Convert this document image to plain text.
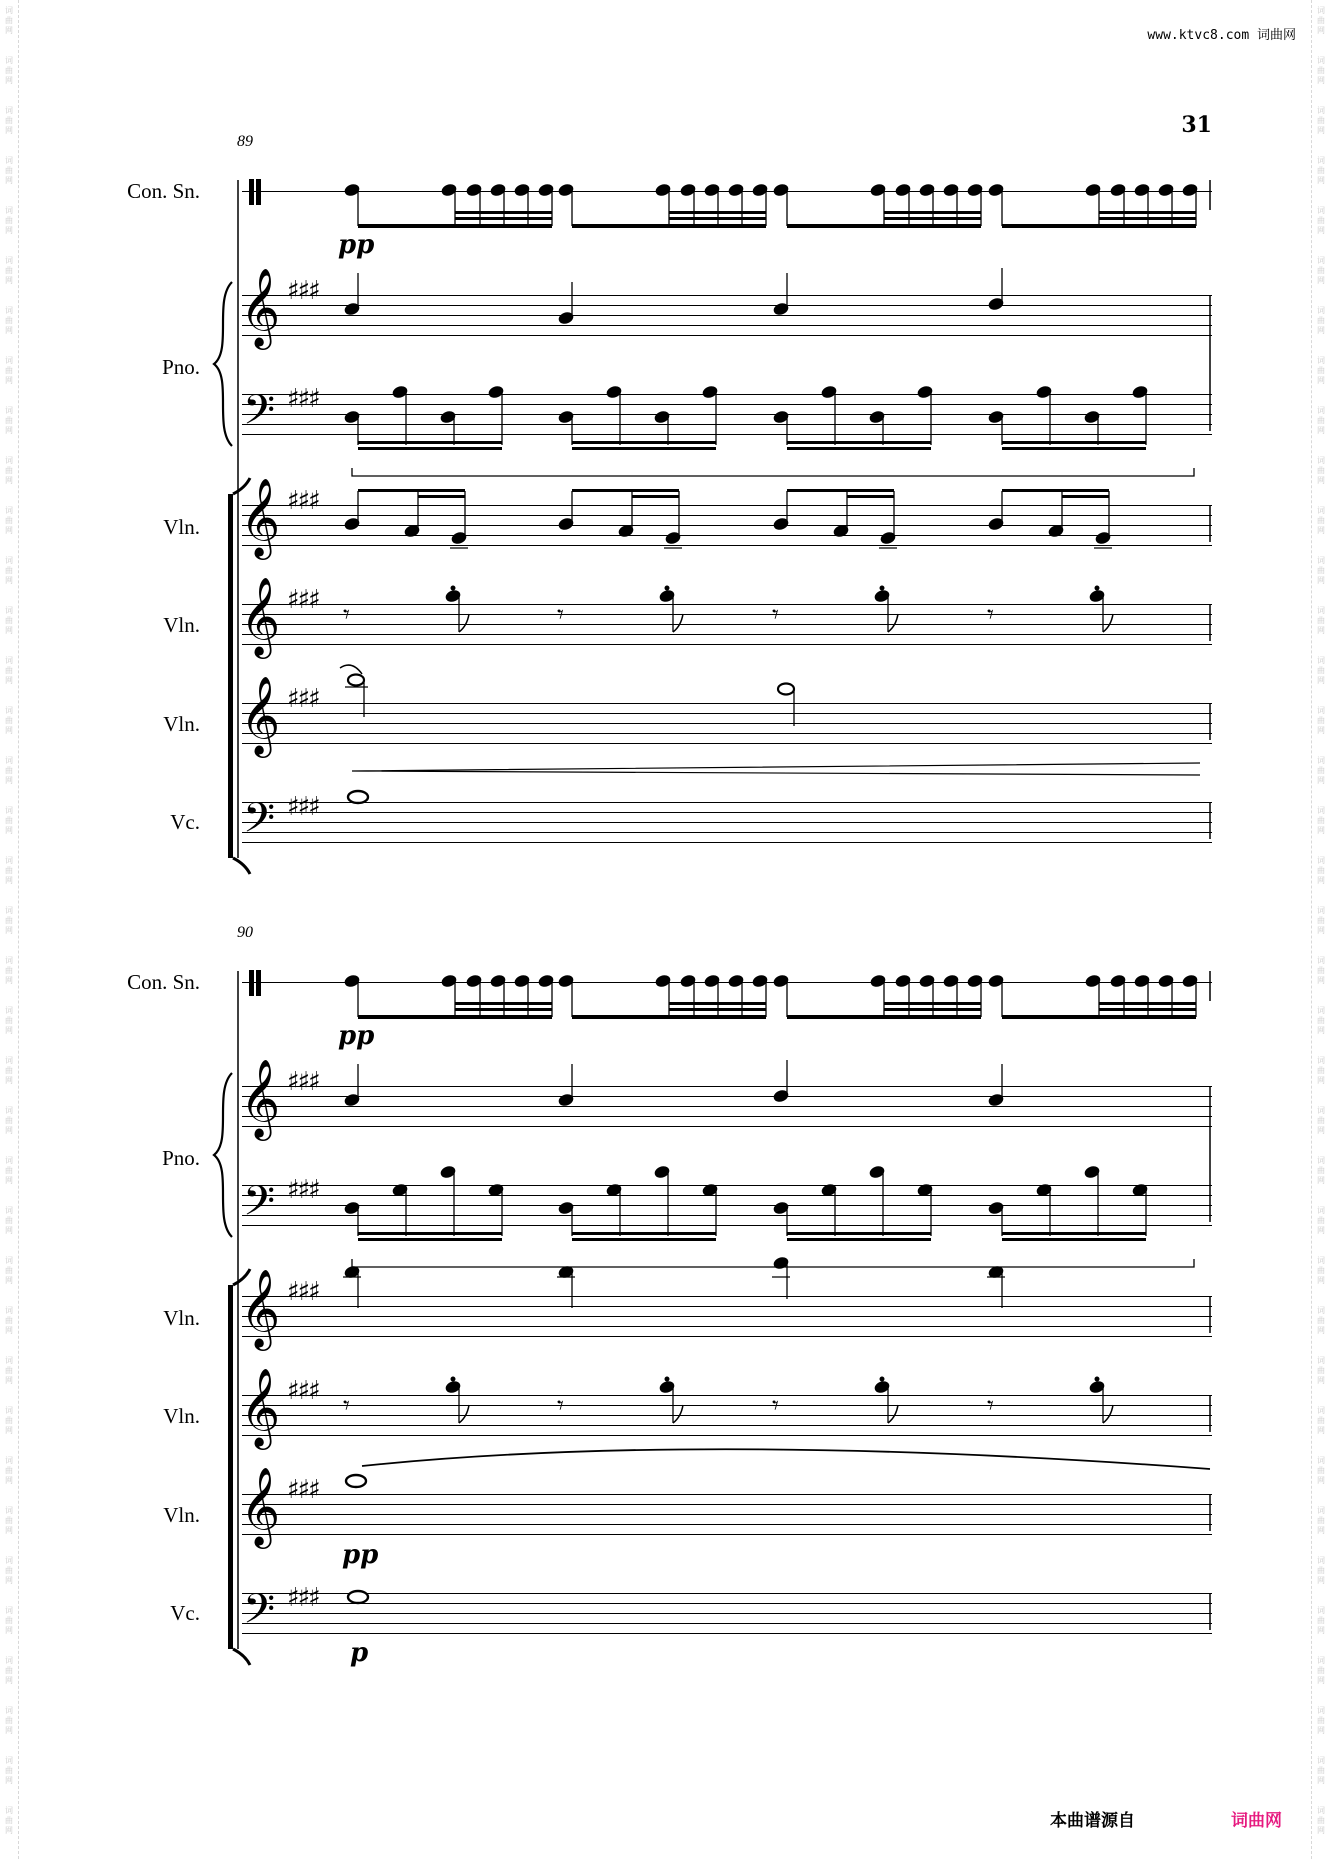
词
曲
网
词
曲
网
词
曲
网
词
曲
网
词
曲
网
词
曲
网
词
曲
网
词
曲
网
词
曲
网
词
曲
网
词
曲
网
词
曲
网
词
曲
网
词
曲
网
词
曲
网
词
曲
网
词
曲
网
词
曲
网
词
曲
网
词
曲
网
词
曲
网
词
曲
网
词
曲
网
词
曲
网
词
曲
网
词
曲
网
词
曲
网
词
曲
网
词
曲
网
词
曲
网
词
曲
网
词
曲
网
词
曲
网
词
曲
网
词
曲
网
词
曲
网
词
曲
网
词
曲
网
词
曲
网
词
曲
网
词
曲
网
词
曲
网
词
曲
网
词
曲
网
词
曲
网
词
曲
网
词
曲
网
词
曲
网
词
曲
网
词
曲
网
词
曲
网
词
曲
网
词
曲
网
词
曲
网
词
曲
网
词
曲
网
词
曲
网
词
曲
网
词
曲
网
词
曲
网
词
曲
网
词
曲
网
词
曲
网
词
曲
网
词
曲
网
词
曲
网
词
曲
网
词
曲
网
词
曲
网
词
曲
网
词
曲
网
词
曲
网
词
曲
网
词
曲
网
www.ktvc8.com 词曲网
31
89
Con. Sn.
Pno.
Vln.
Vln.
Vln.
Vc.
𝄞
𝄢
𝄞
𝄞
𝄞
𝄢
♯♯♯
♯♯♯
♯♯♯
♯♯♯
♯♯♯
♯♯♯
pp
90
Con. Sn.
Pno.
Vln.
Vln.
Vln.
Vc.
𝄞
𝄢
𝄞
𝄞
𝄞
𝄢
♯♯♯
♯♯♯
♯♯♯
♯♯♯
♯♯♯
♯♯♯
pp
pp
p
𝄾	𝄾	𝄾	𝄾
𝄾	𝄾	𝄾	𝄾
本曲谱源自	词曲网
